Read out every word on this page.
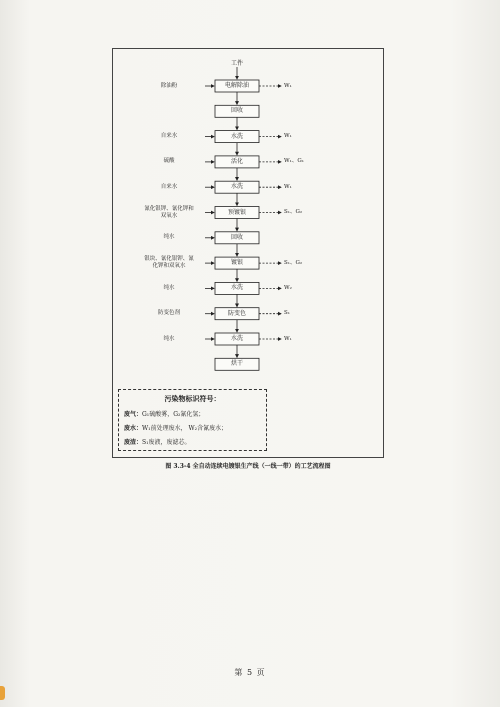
工件
电解除油
除油粉	W₁
回收
水洗
自来水	W₁
活化
硫酸	W₁、G₁
水洗
自来水	W₁
预镀银
氰化银钾、氰化钾和
双氧水
S₁、G₂
回收
纯水
镀银
银块、氰化银钾、氰
化钾和双氧水
S₁、G₂
水洗
纯水	W₂
防变色
防变色剂	S₁
水洗
纯水	W₁
烘干
污染物标识符号：
废气：G₁硫酸雾，G₂氰化氢；
废水：W₁前处理废水， W₂含氰废水；
废渣：S₁废液，废滤芯。
图 3.3-4 全自动连续电镀银生产线（一线一带）的工艺流程图
第 5 页
